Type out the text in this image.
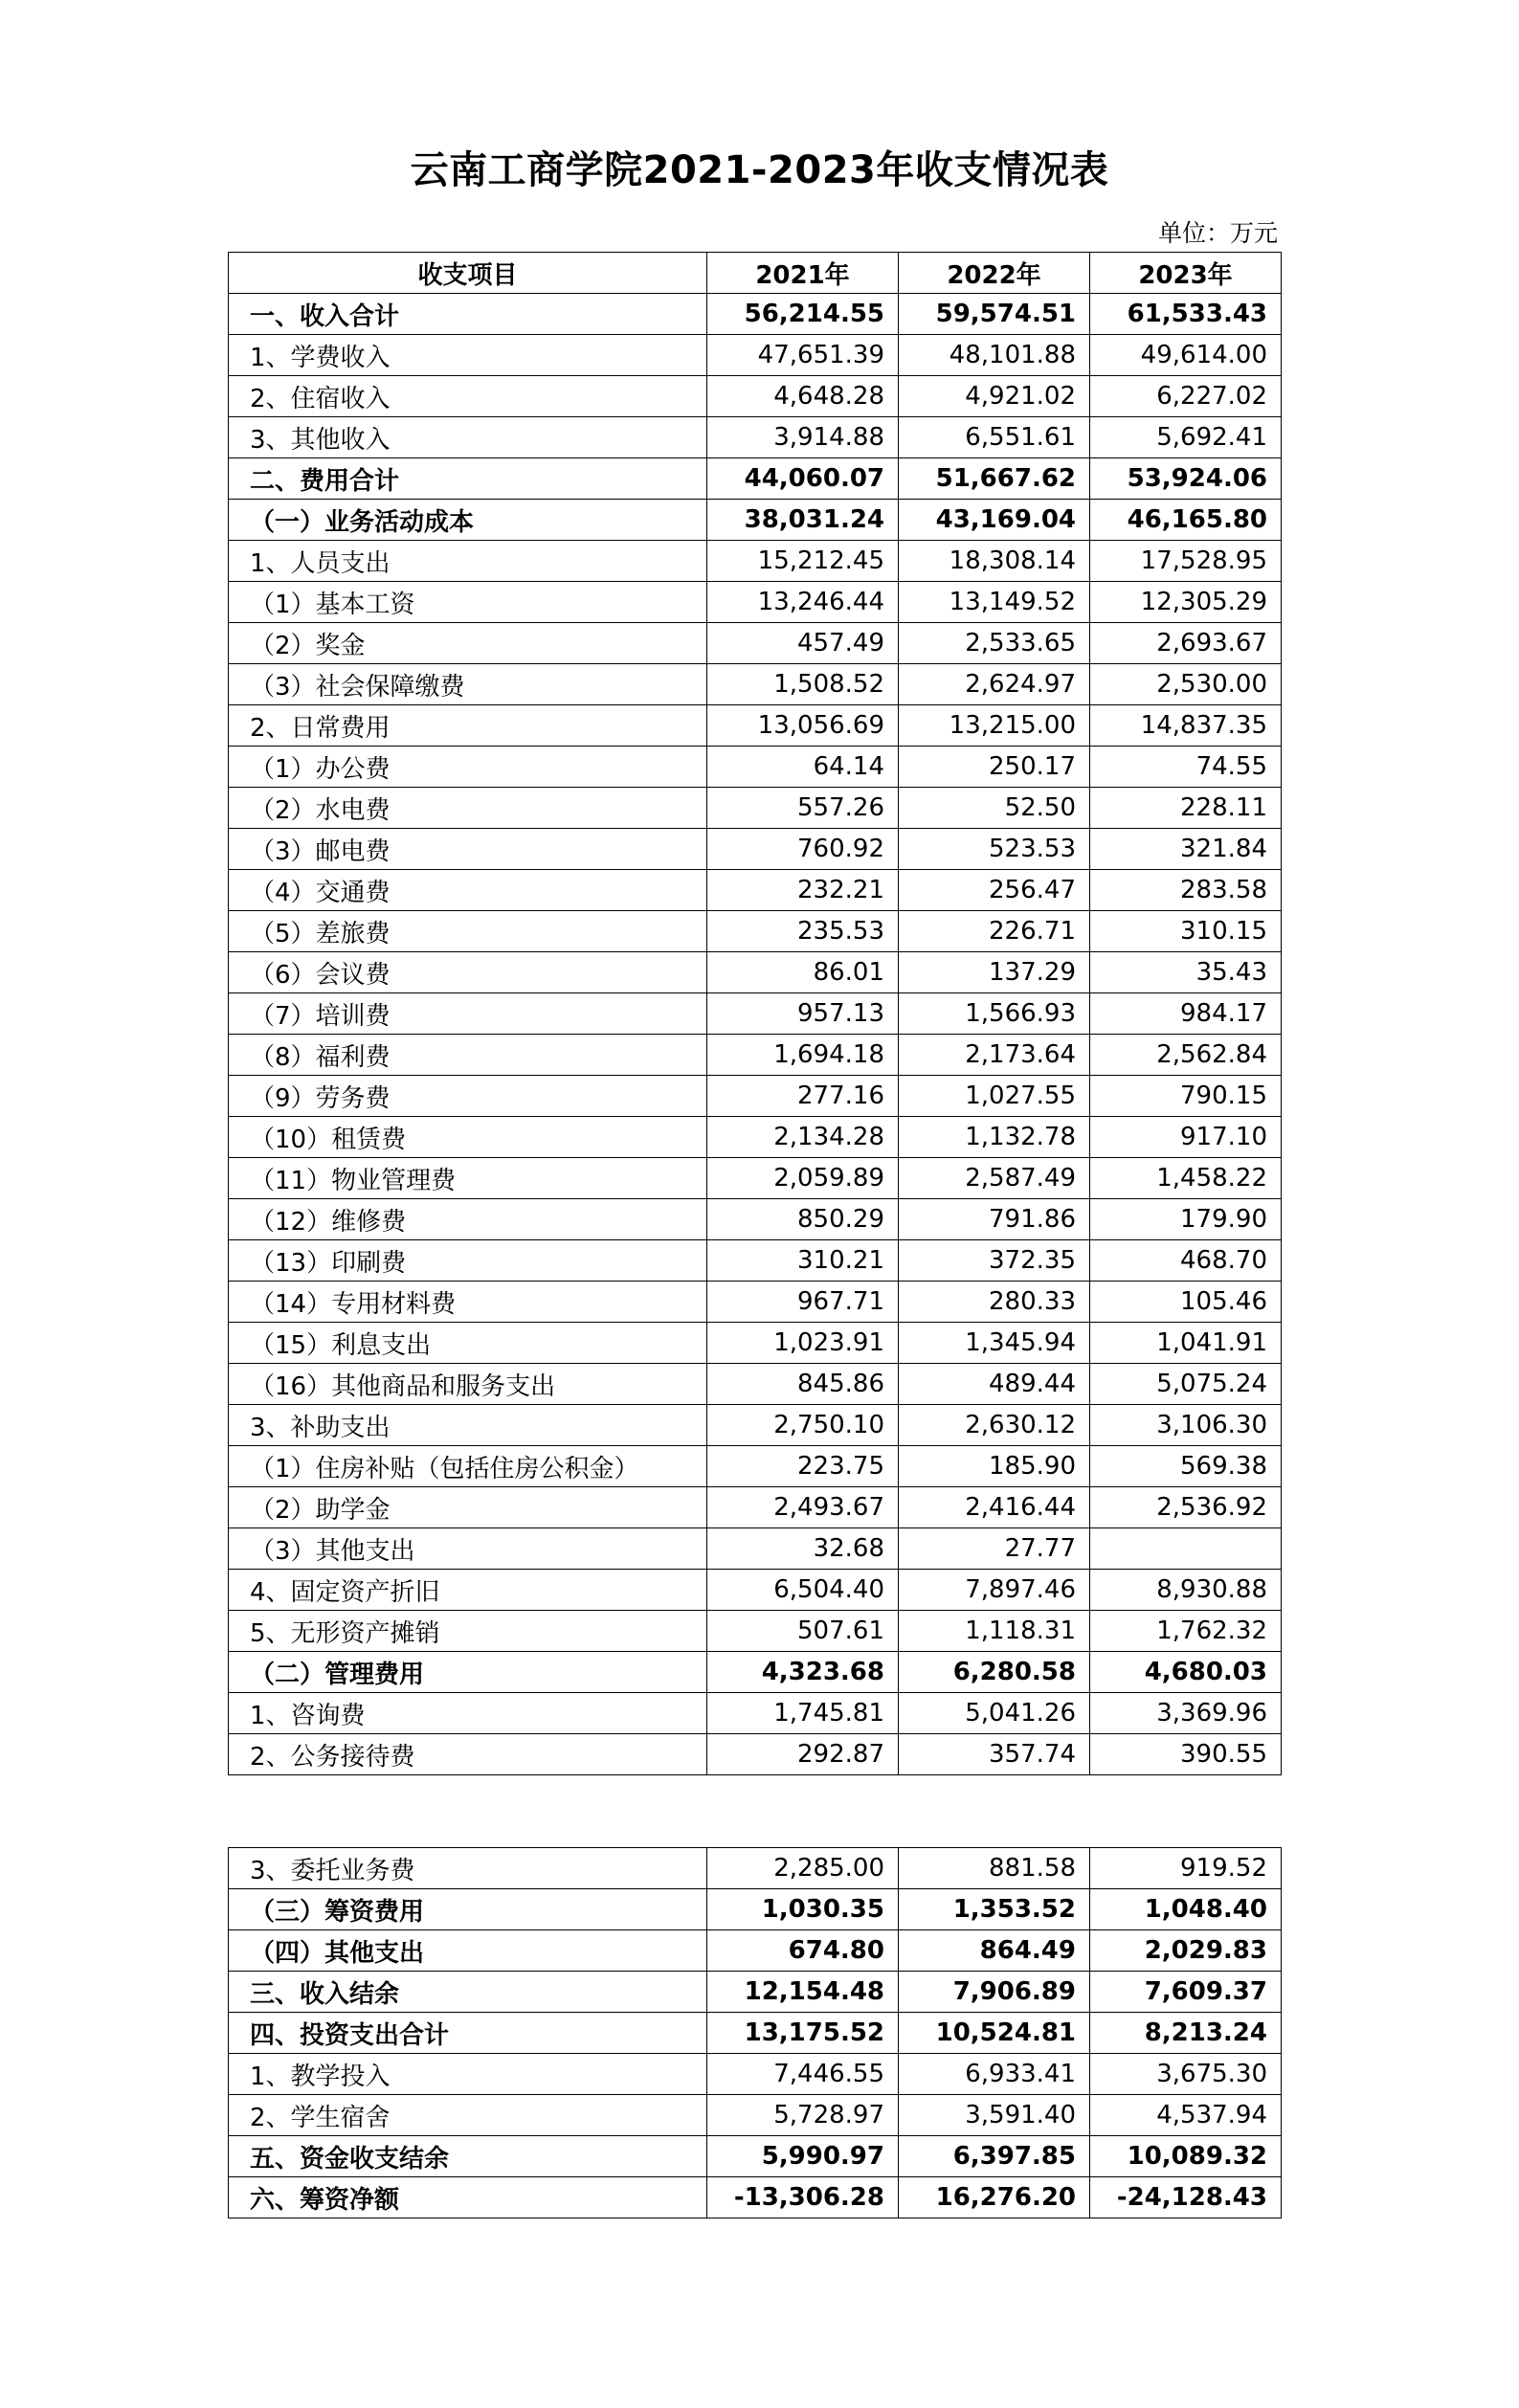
云南工商学院2021-2023年收支情况表
单位：万元
收支项目	2021年	2022年	2023年
一、收入合计	56,214.55	59,574.51	61,533.43
1、学费收入	47,651.39	48,101.88	49,614.00
2、住宿收入	4,648.28	4,921.02	6,227.02
3、其他收入	3,914.88	6,551.61	5,692.41
二、费用合计	44,060.07	51,667.62	53,924.06
（一）业务活动成本	38,031.24	43,169.04	46,165.80
1、人员支出	15,212.45	18,308.14	17,528.95
（1）基本工资	13,246.44	13,149.52	12,305.29
（2）奖金	457.49	2,533.65	2,693.67
（3）社会保障缴费	1,508.52	2,624.97	2,530.00
2、日常费用	13,056.69	13,215.00	14,837.35
（1）办公费	64.14	250.17	74.55
（2）水电费	557.26	52.50	228.11
（3）邮电费	760.92	523.53	321.84
（4）交通费	232.21	256.47	283.58
（5）差旅费	235.53	226.71	310.15
（6）会议费	86.01	137.29	35.43
（7）培训费	957.13	1,566.93	984.17
（8）福利费	1,694.18	2,173.64	2,562.84
（9）劳务费	277.16	1,027.55	790.15
（10）租赁费	2,134.28	1,132.78	917.10
（11）物业管理费	2,059.89	2,587.49	1,458.22
（12）维修费	850.29	791.86	179.90
（13）印刷费	310.21	372.35	468.70
（14）专用材料费	967.71	280.33	105.46
（15）利息支出	1,023.91	1,345.94	1,041.91
（16）其他商品和服务支出	845.86	489.44	5,075.24
3、补助支出	2,750.10	2,630.12	3,106.30
（1）住房补贴（包括住房公积金）	223.75	185.90	569.38
（2）助学金	2,493.67	2,416.44	2,536.92
（3）其他支出	32.68	27.77	
4、固定资产折旧	6,504.40	7,897.46	8,930.88
5、无形资产摊销	507.61	1,118.31	1,762.32
（二）管理费用	4,323.68	6,280.58	4,680.03
1、咨询费	1,745.81	5,041.26	3,369.96
2、公务接待费	292.87	357.74	390.55
3、委托业务费	2,285.00	881.58	919.52
（三）筹资费用	1,030.35	1,353.52	1,048.40
（四）其他支出	674.80	864.49	2,029.83
三、收入结余	12,154.48	7,906.89	7,609.37
四、投资支出合计	13,175.52	10,524.81	8,213.24
1、教学投入	7,446.55	6,933.41	3,675.30
2、学生宿舍	5,728.97	3,591.40	4,537.94
五、资金收支结余	5,990.97	6,397.85	10,089.32
六、筹资净额	-13,306.28	16,276.20	-24,128.43
